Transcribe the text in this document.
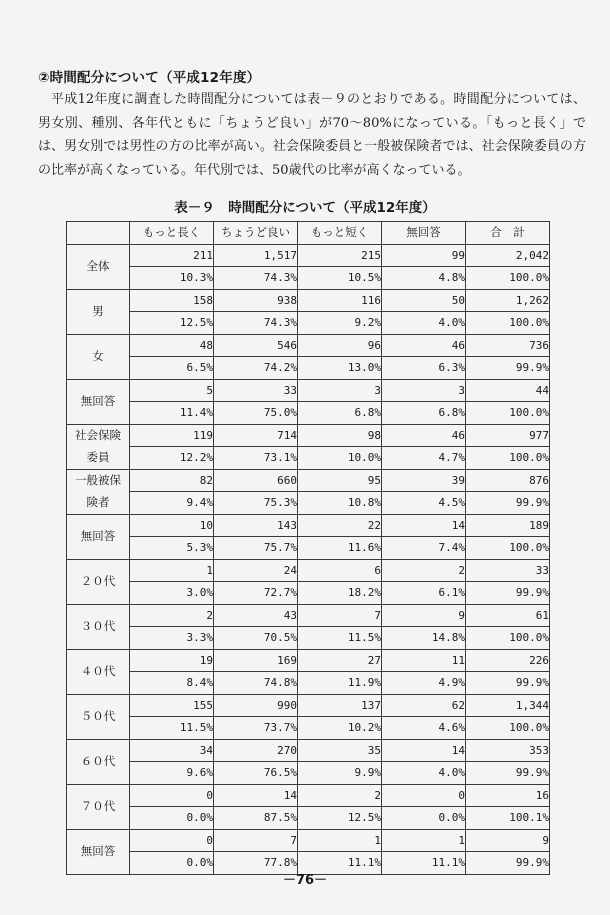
②時間配分について（平成12年度）
平成12年度に調査した時間配分については表－９のとおりである。時間配分については、男女別、種別、各年代ともに「ちょうど良い」が70～80%になっている。「もっと長く」では、男女別では男性の方の比率が高い。社会保険委員と一般被保険者では、社会保険委員の方の比率が高くなっている。年代別では、50歳代の比率が高くなっている。
表－９　時間配分について（平成12年度）
	もっと長く	ちょうど良い	もっと短く	無回答	合　計
全体	211	1,517	215	99	2,042
	10.3%	74.3%	10.5%	4.8%	100.0%
男	158	938	116	50	1,262
	12.5%	74.3%	9.2%	4.0%	100.0%
女	48	546	96	46	736
	6.5%	74.2%	13.0%	6.3%	99.9%
無回答	5	33	3	3	44
	11.4%	75.0%	6.8%	6.8%	100.0%
社会保険
委員	119	714	98	46	977
	12.2%	73.1%	10.0%	4.7%	100.0%
一般被保
険者	82	660	95	39	876
	9.4%	75.3%	10.8%	4.5%	99.9%
無回答	10	143	22	14	189
	5.3%	75.7%	11.6%	7.4%	100.0%
２０代	1	24	6	2	33
	3.0%	72.7%	18.2%	6.1%	99.9%
３０代	2	43	7	9	61
	3.3%	70.5%	11.5%	14.8%	100.0%
４０代	19	169	27	11	226
	8.4%	74.8%	11.9%	4.9%	99.9%
５０代	155	990	137	62	1,344
	11.5%	73.7%	10.2%	4.6%	100.0%
６０代	34	270	35	14	353
	9.6%	76.5%	9.9%	4.0%	99.9%
７０代	0	14	2	0	16
	0.0%	87.5%	12.5%	0.0%	100.1%
無回答	0	7	1	1	9
	0.0%	77.8%	11.1%	11.1%	99.9%
－76－
